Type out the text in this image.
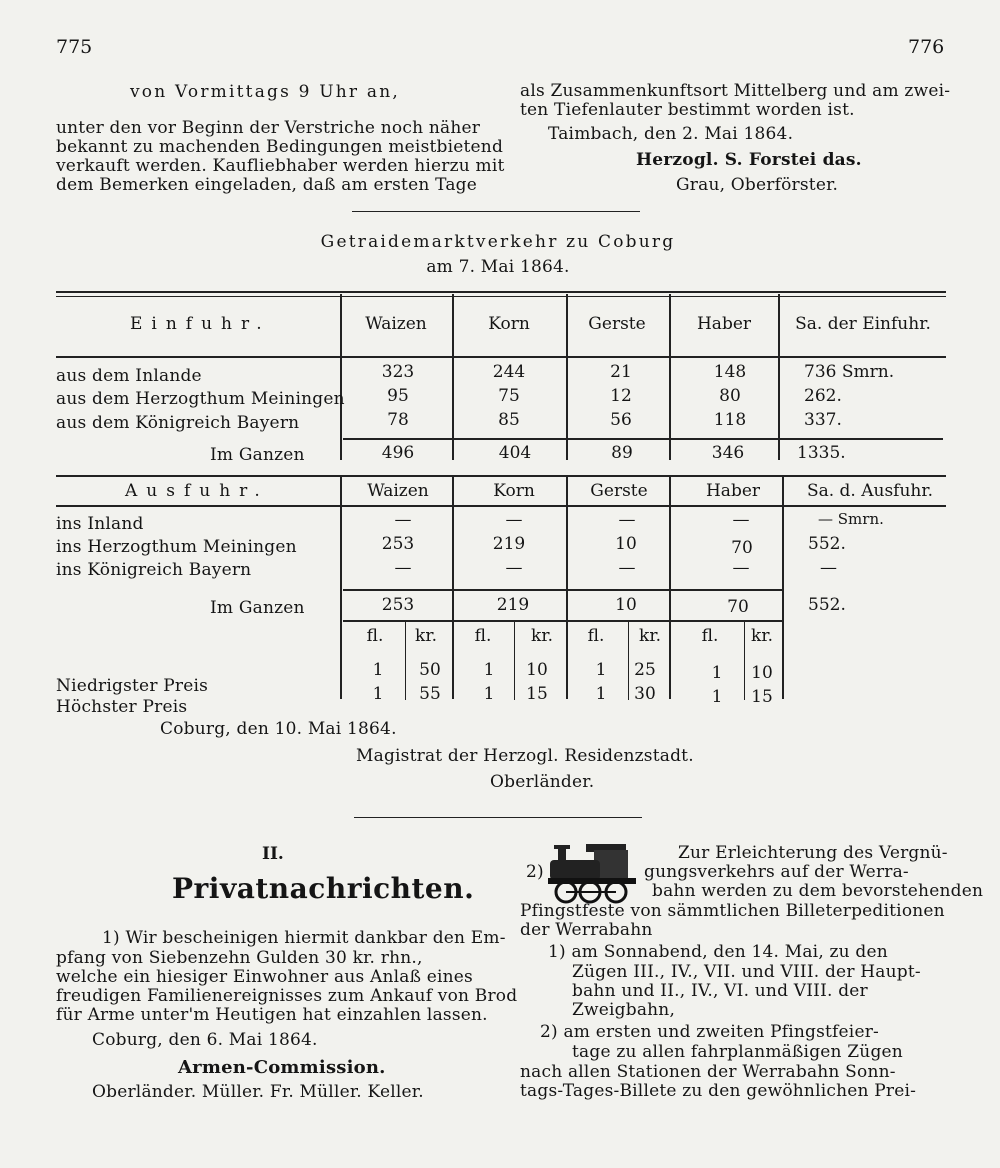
775	776
von Vormittags 9 Uhr an,
unter den vor Beginn der Verstriche noch näher
bekannt zu machenden Bedingungen meistbietend
verkauft werden. Kaufliebhaber werden hierzu mit
dem Bemerken eingeladen, daß am ersten Tage
als Zusammenkunftsort Mittelberg und am zwei-
ten Tiefenlauter bestimmt worden ist.
Taimbach, den 2. Mai 1864.
Herzogl. S. Forstei das.
Grau, Oberförster.
Getraidemarktverkehr zu Coburg
am 7. Mai 1864.
Einfuhr.	Waizen	Korn	Gerste	Haber	Sa. der Einfuhr.
aus dem Inlande	323	244	21	148	736 Smrn.
aus dem Herzogthum Meiningen 95	75	12	80	262.
aus dem Königreich Bayern	78	85	56	118	337.
Im Ganzen	496	404	89	346	1335.
Ausfuhr.	Waizen	Korn	Gerste	Haber	Sa. d. Ausfuhr.
ins Inland	—	—	—	—	— Smrn.
ins Herzogthum Meiningen	253	219	10	70	552.
ins Königreich Bayern	—	—	—	—	—
Im Ganzen	253	219	10	70	552.
fl. kr. fl. kr. fl. kr. fl. kr.
Niedrigster Preis
1 50	1 10	1 25	1 10
Höchster Preis
1 55	1 15	1 30	1 15
Coburg, den 10. Mai 1864.
Magistrat der Herzogl. Residenzstadt.
Oberländer.
II.
Privatnachrichten.
1) Wir bescheinigen hiermit dankbar den Em-
pfang von Siebenzehn Gulden 30 kr. rhn.,
welche ein hiesiger Einwohner aus Anlaß eines
freudigen Familienereignisses zum Ankauf von Brod
für Arme unter'm Heutigen hat einzahlen lassen.
Coburg, den 6. Mai 1864.
Armen-Commission.
Oberländer. Müller. Fr. Müller. Keller.
2)
Zur Erleichterung des Vergnü-
gungsverkehrs auf der Werra-
bahn werden zu dem bevorstehenden
Pfingstfeste von sämmtlichen Billeterpeditionen
der Werrabahn
1) am Sonnabend, den 14. Mai, zu den
Zügen III., IV., VII. und VIII. der Haupt-
bahn und II., IV., VI. und VIII. der
Zweigbahn,
2) am ersten und zweiten Pfingstfeier-
tage zu allen fahrplanmäßigen Zügen
nach allen Stationen der Werrabahn Sonn-
tags-Tages-Billete zu den gewöhnlichen Prei-
